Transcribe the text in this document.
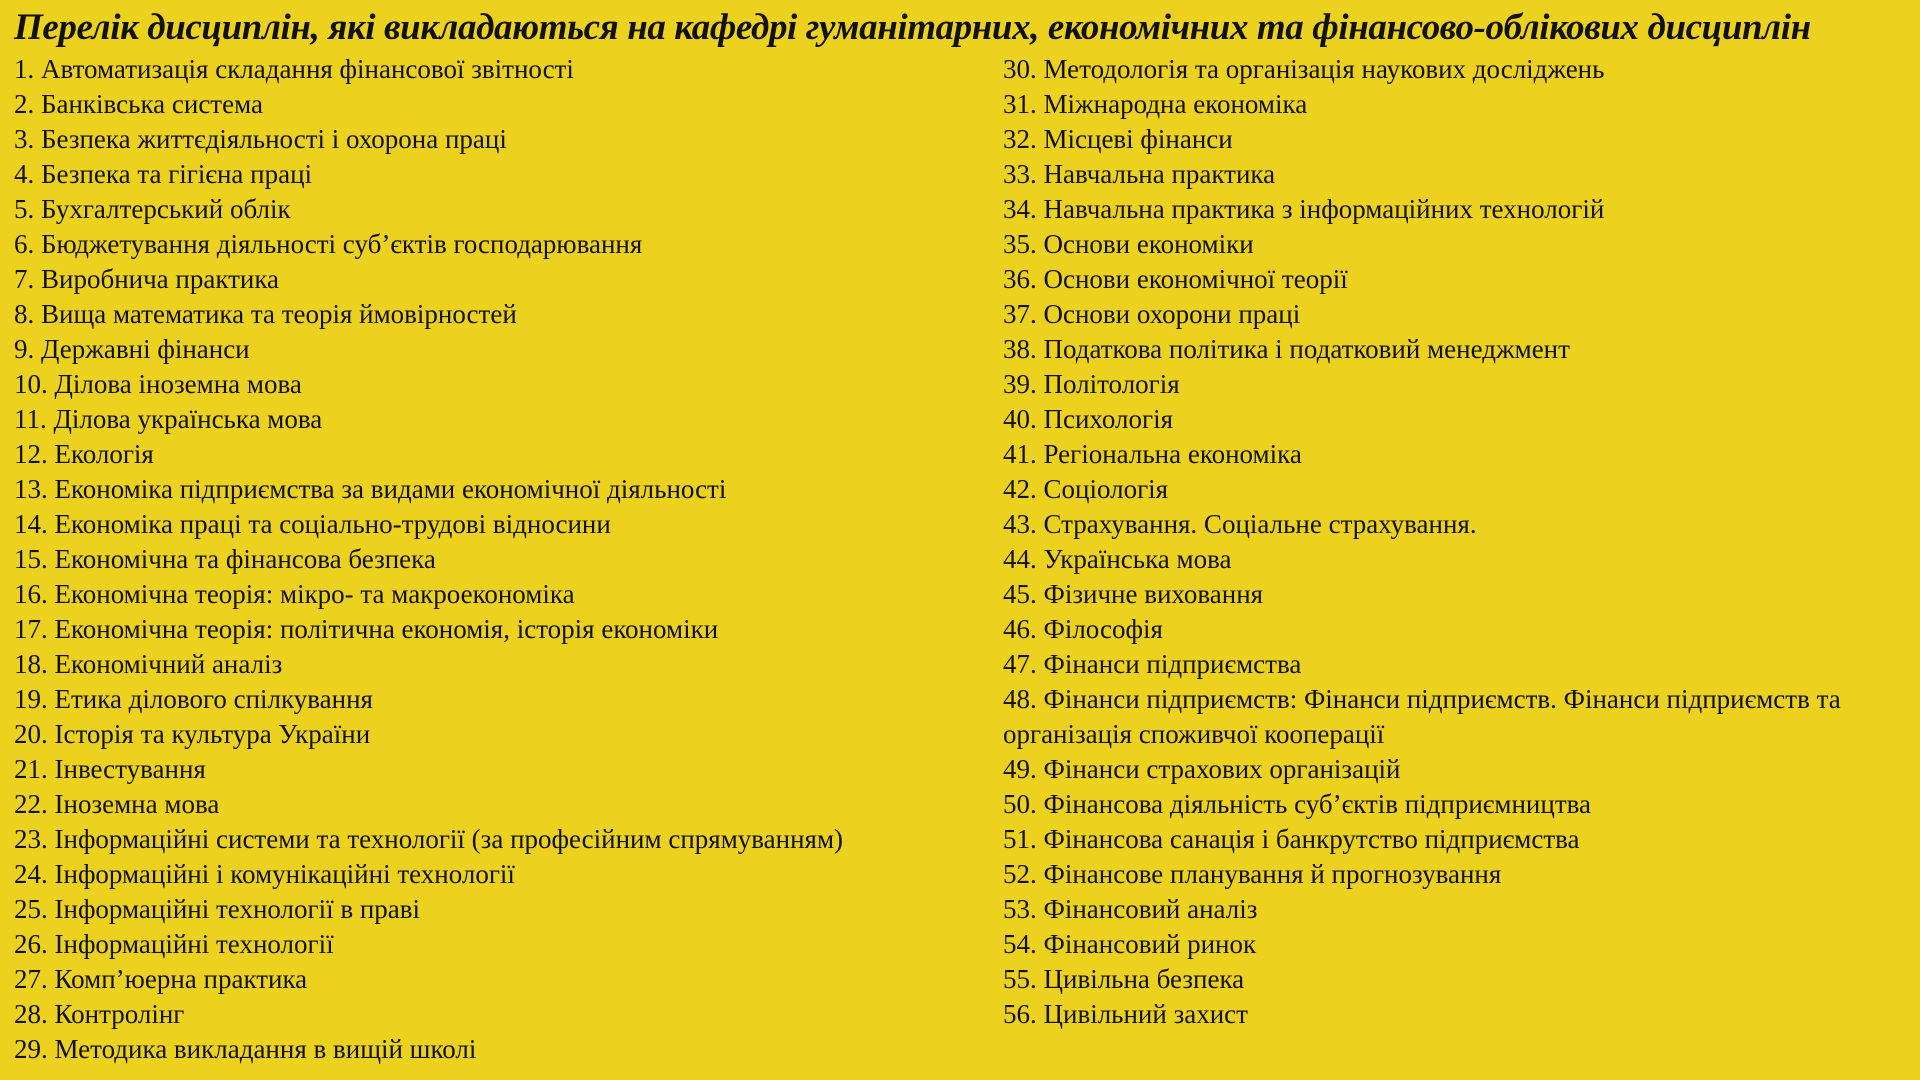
Перелік дисциплін, які викладаються на кафедрі гуманітарних, економічних та фінансово-облікових дисциплін
1. Автоматизація складання фінансової звітності
2. Банківська система
3. Безпека життєдіяльності і охорона праці
4. Безпека та гігієна праці
5. Бухгалтерський облік
6. Бюджетування діяльності суб’єктів господарювання
7. Виробнича практика
8. Вища математика та теорія ймовірностей
9. Державні фінанси
10. Ділова іноземна мова
11. Ділова українська мова
12. Екологія
13. Економіка підприємства за видами економічної діяльності
14. Економіка праці та соціально-трудові відносини
15. Економічна та фінансова безпека
16. Економічна теорія: мікро- та макроекономіка
17. Економічна теорія: політична економія, історія економіки
18. Економічний аналіз
19. Етика ділового спілкування
20. Історія та культура України
21. Інвестування
22. Іноземна мова
23. Інформаційні системи та технології (за професійним спрямуванням)
24. Інформаційні і комунікаційні технології
25. Інформаційні технології в праві
26. Інформаційні технології
27. Комп’юерна практика
28. Контролінг
29. Методика викладання в вищій школі
30. Методологія та організація наукових досліджень
31. Міжнародна економіка
32. Місцеві фінанси
33. Навчальна практика
34. Навчальна практика з інформаційних технологій
35. Основи економіки
36. Основи економічної теорії
37. Основи охорони праці
38. Податкова політика і податковий менеджмент
39. Політологія
40. Психологія
41. Регіональна економіка
42. Соціологія
43. Страхування. Соціальне страхування.
44. Українська мова
45. Фізичне виховання
46. Філософія
47. Фінанси підприємства
48. Фінанси підприємств: Фінанси підприємств. Фінанси підприємств та організація споживчої кооперації
49. Фінанси страхових організацій
50. Фінансова діяльність суб’єктів підприємництва
51. Фінансова санація і банкрутство підприємства
52. Фінансове планування й прогнозування
53. Фінансовий аналіз
54. Фінансовий ринок
55. Цивільна безпека
56. Цивільний захист
